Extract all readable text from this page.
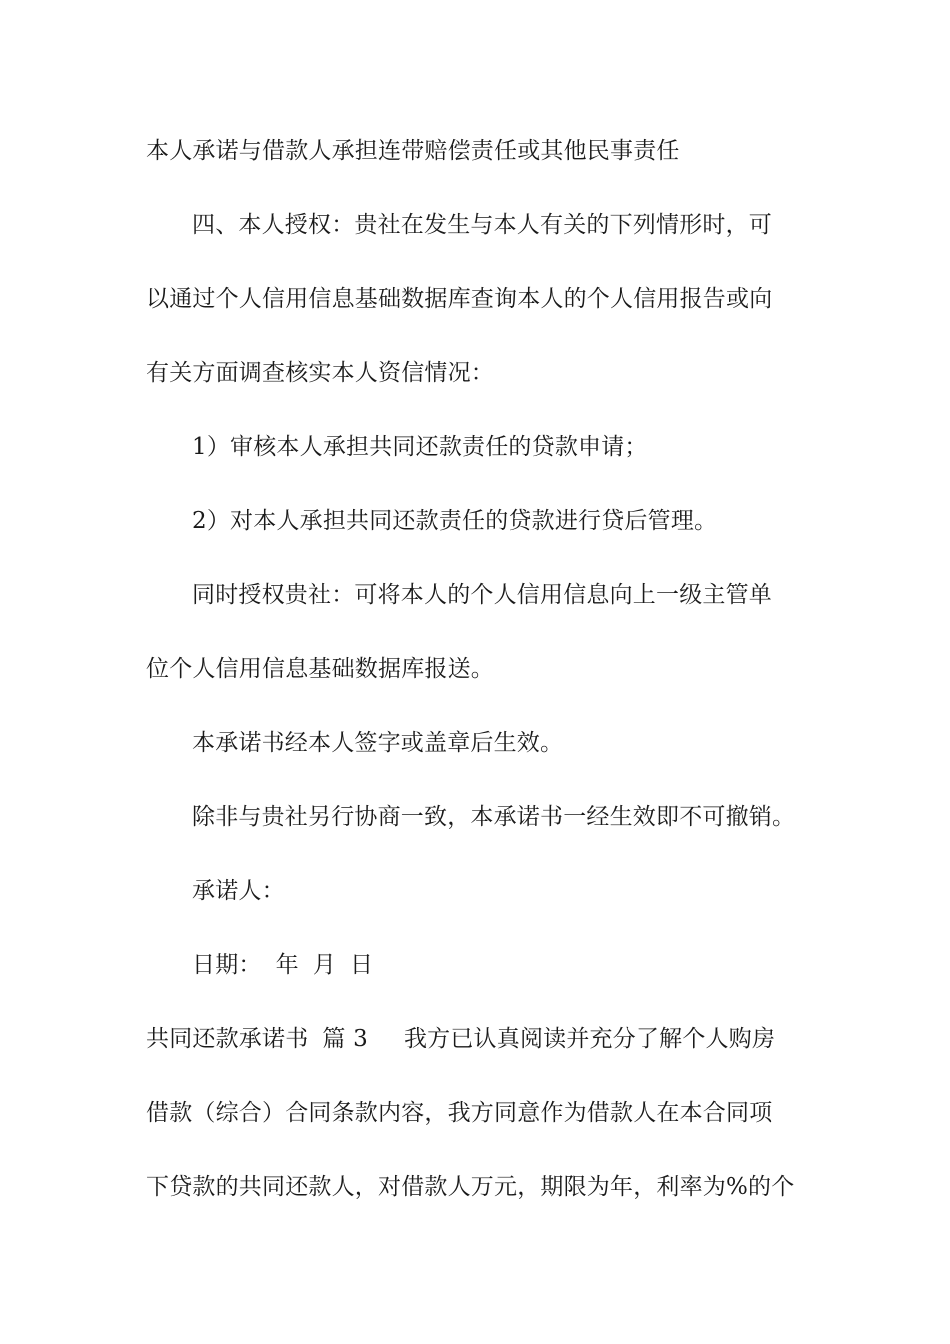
本人承诺与借款人承担连带赔偿责任或其他民事责任

四、本人授权：贵社在发生与本人有关的下列情形时，可

以通过个人信用信息基础数据库查询本人的个人信用报告或向

有关方面调查核实本人资信情况：

1）审核本人承担共同还款责任的贷款申请；

2）对本人承担共同还款责任的贷款进行贷后管理。

同时授权贵社：可将本人的个人信用信息向上一级主管单

位个人信用信息基础数据库报送。

本承诺书经本人签字或盖章后生效。

除非与贵社另行协商一致，本承诺书一经生效即不可撤销。

承诺人：

日期： 年 月 日

共同还款承诺书 篇 3 我方已认真阅读并充分了解个人购房

借款（综合）合同条款内容，我方同意作为借款人在本合同项

下贷款的共同还款人，对借款人万元，期限为年，利率为%的个
